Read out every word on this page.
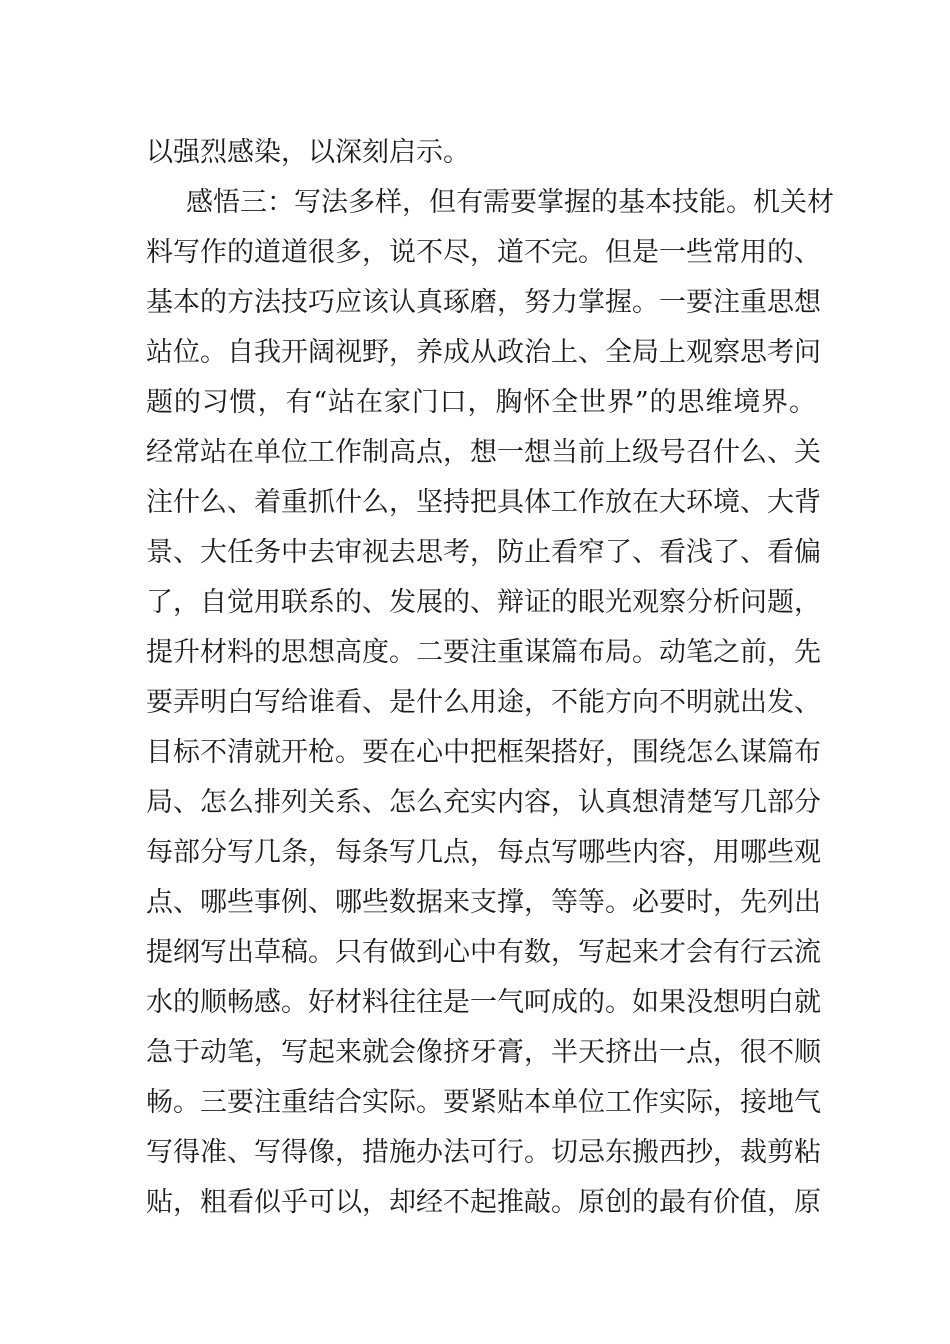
以强烈感染，以深刻启示。
感悟三：写法多样，但有需要掌握的基本技能。机关材
料写作的道道很多，说不尽，道不完。但是一些常用的、
基本的方法技巧应该认真琢磨，努力掌握。一要注重思想
站位。自我开阔视野，养成从政治上、全局上观察思考问
题的习惯，有“站在家门口，胸怀全世界”的思维境界。
经常站在单位工作制高点，想一想当前上级号召什么、关
注什么、着重抓什么，坚持把具体工作放在大环境、大背
景、大任务中去审视去思考，防止看窄了、看浅了、看偏
了，自觉用联系的、发展的、辩证的眼光观察分析问题，
提升材料的思想高度。二要注重谋篇布局。动笔之前，先
要弄明白写给谁看、是什么用途，不能方向不明就出发、
目标不清就开枪。要在心中把框架搭好，围绕怎么谋篇布
局、怎么排列关系、怎么充实内容，认真想清楚写几部分
每部分写几条，每条写几点，每点写哪些内容，用哪些观
点、哪些事例、哪些数据来支撑，等等。必要时，先列出
提纲写出草稿。只有做到心中有数，写起来才会有行云流
水的顺畅感。好材料往往是一气呵成的。如果没想明白就
急于动笔，写起来就会像挤牙膏，半天挤出一点，很不顺
畅。三要注重结合实际。要紧贴本单位工作实际，接地气
写得准、写得像，措施办法可行。切忌东搬西抄，裁剪粘
贴，粗看似乎可以，却经不起推敲。原创的最有价值，原
